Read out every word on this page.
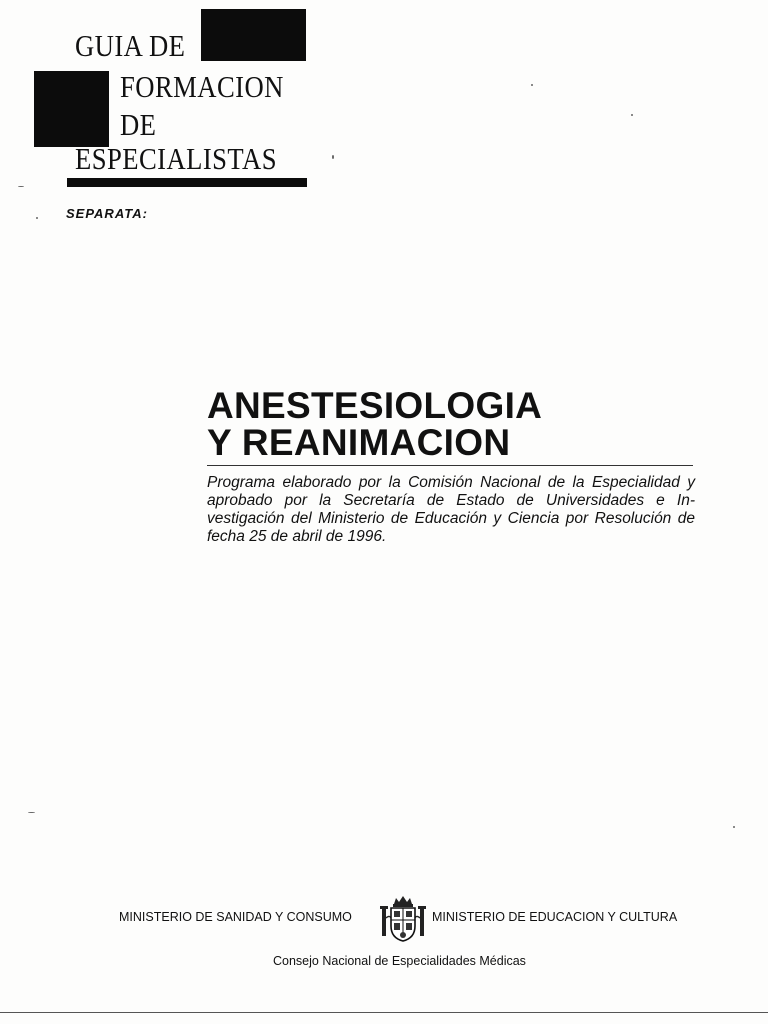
GUIA DE
FORMACION
DE
ESPECIALISTAS
SEPARATA:
ANESTESIOLOGIA
Y REANIMACION
Programa elaborado por la Comisión Nacional de la Especialidad y aprobado por la Secretaría de Estado de Universidades e Investigación del Ministerio de Educación y Ciencia por Resolución de fecha 25 de abril de 1996.
MINISTERIO DE SANIDAD Y CONSUMO	MINISTERIO DE EDUCACION Y CULTURA
Consejo Nacional de Especialidades Médicas
